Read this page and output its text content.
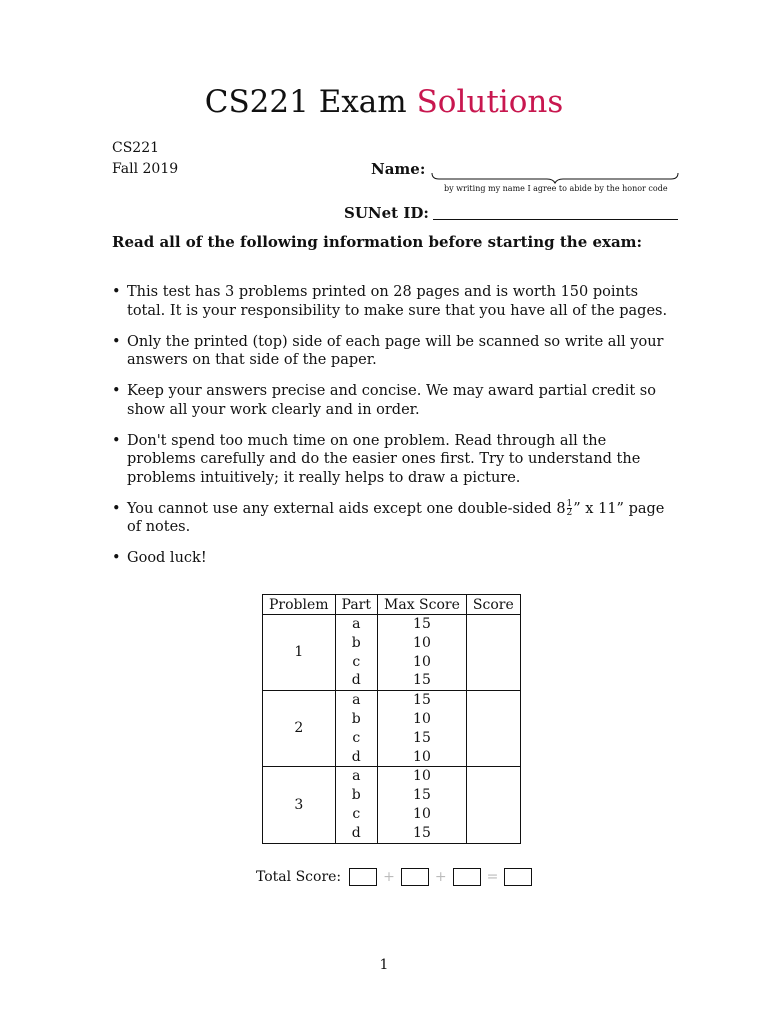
CS221 Exam Solutions
CS221
Fall 2019	Name:
by writing my name I agree to abide by the honor code
SUNet ID:
Read all of the following information before starting the exam:
• This test has 3 problems printed on 28 pages and is worth 150 points total. It is your responsibility to make sure that you have all of the pages.
• Only the printed (top) side of each page will be scanned so write all your answers on that side of the paper.
• Keep your answers precise and concise. We may award partial credit so show all your work clearly and in order.
• Don't spend too much time on one problem. Read through all the problems carefully and do the easier ones first. Try to understand the problems intuitively; it really helps to draw a picture.
• You cannot use any external aids except one double-sided $8 \frac{1}{2}$ ” x 11” page of notes.
• Good luck!
Problem	Part	Max Score	Score
1	a	15	
	b	10	
	c	10	
	d	15	
2	a	15	
	b	10	
	c	15	
	d	10	
3	a	10	
	b	15	
	c	10	
	d	15	
Total Score:	+	+	=
1
